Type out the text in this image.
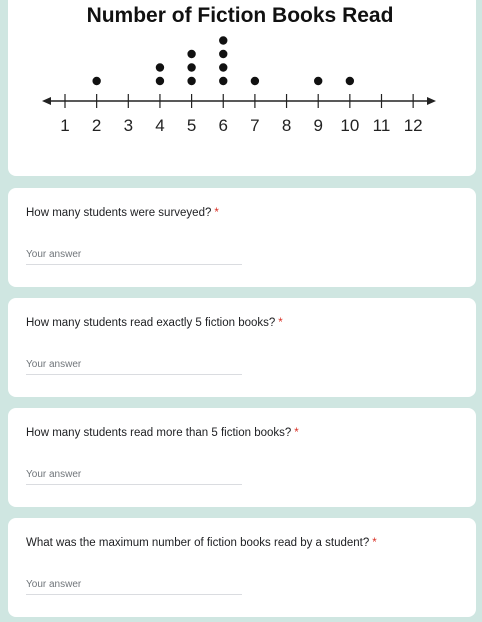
Number of Fiction Books Read
1 2 3 4 5 6 7 8 9 10 11 12
How many students were surveyed? *
Your answer
How many students read exactly 5 fiction books? *
Your answer
How many students read more than 5 fiction books? *
Your answer
What was the maximum number of fiction books read by a student? *
Your answer
